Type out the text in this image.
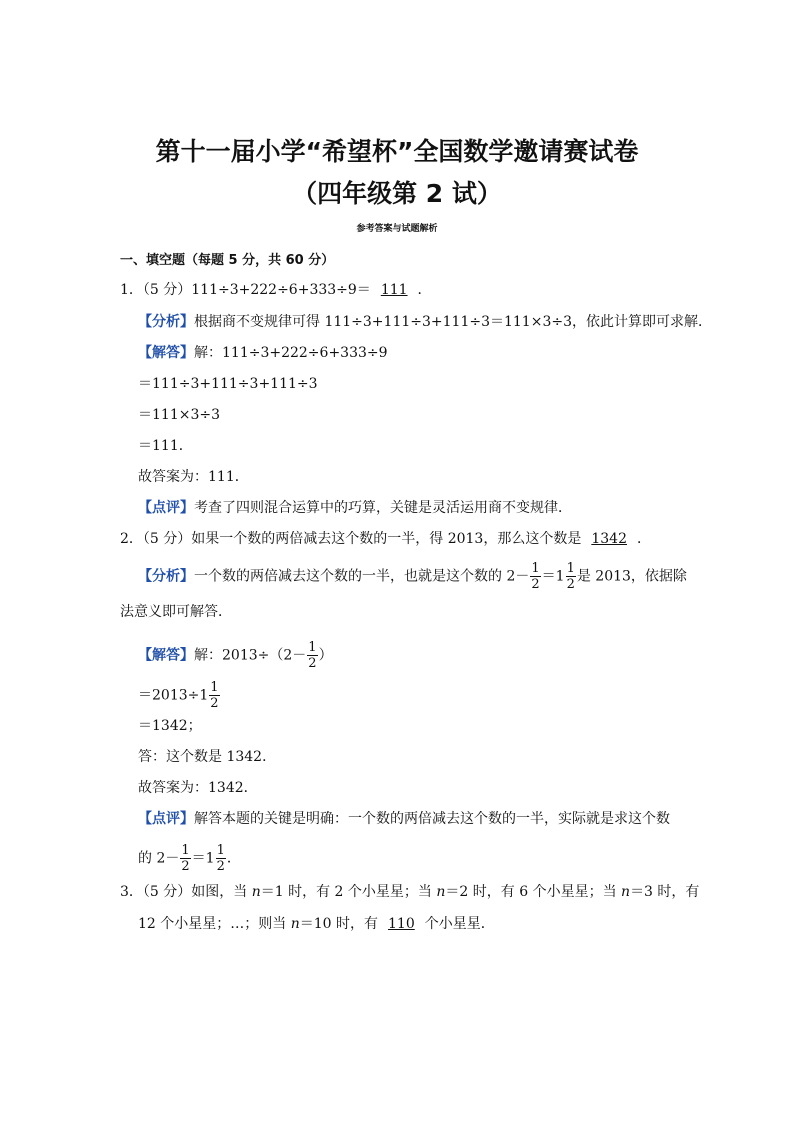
第十一届小学“希望杯”全国数学邀请赛试卷
（四年级第 2 试）
参考答案与试题解析
一、填空题（每题 5 分，共 60 分）
1．（5 分）111÷3+222÷6+333÷9＝ 111 ．
【分析】根据商不变规律可得 111÷3+111÷3+111÷3＝111×3÷3，依此计算即可求解．
【解答】解：111÷3+222÷6+333÷9
＝111÷3+111÷3+111÷3
＝111×3÷3
＝111．
故答案为：111．
【点评】考查了四则混合运算中的巧算，关键是灵活运用商不变规律．
2．（5 分）如果一个数的两倍减去这个数的一半，得 2013，那么这个数是 1342 ．
【分析】一个数的两倍减去这个数的一半，也就是这个数的 $2- \frac{1}{2} =1 \frac{1}{2}$ 是 2013，依据除
法意义即可解答．
【解答】解：$2013\div(2- \frac{1}{2}$ ）
$=2013\div 1 \frac{1}{2}$
＝1342；
答：这个数是 1342．
故答案为：1342．
【点评】解答本题的关键是明确：一个数的两倍减去这个数的一半，实际就是求这个数
的 $2- \frac{1}{2} =1 \frac{1}{2}$ ．
3．（5 分）如图，当 n＝1 时，有 2 个小星星；当 n＝2 时，有 6 个小星星；当 n＝3 时，有
12 个小星星；…；则当 n＝10 时，有 110 个小星星．
